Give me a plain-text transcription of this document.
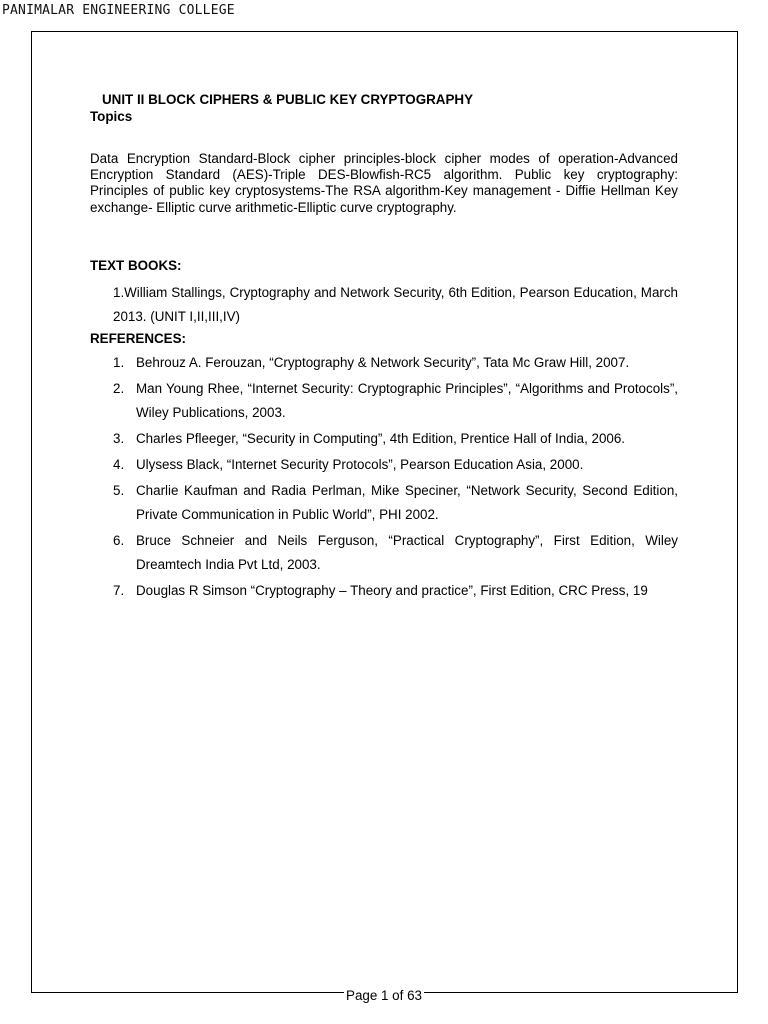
PANIMALAR ENGINEERING COLLEGE
UNIT II BLOCK CIPHERS & PUBLIC KEY CRYPTOGRAPHY
Topics
Data Encryption Standard-Block cipher principles-block cipher modes of operation-Advanced Encryption Standard (AES)-Triple DES-Blowfish-RC5 algorithm. Public key cryptography: Principles of public key cryptosystems-The RSA algorithm-Key management - Diffie Hellman Key exchange- Elliptic curve arithmetic-Elliptic curve cryptography.
TEXT BOOKS:
1.William Stallings, Cryptography and Network Security, 6th Edition, Pearson Education, March 2013. (UNIT I,II,III,IV)
REFERENCES:
1. Behrouz A. Ferouzan, “Cryptography & Network Security”, Tata Mc Graw Hill, 2007.
2. Man Young Rhee, “Internet Security: Cryptographic Principles”, “Algorithms and Protocols”, Wiley Publications, 2003.
3. Charles Pfleeger, “Security in Computing”, 4th Edition, Prentice Hall of India, 2006.
4. Ulysess Black, “Internet Security Protocols”, Pearson Education Asia, 2000.
5. Charlie Kaufman and Radia Perlman, Mike Speciner, “Network Security, Second Edition, Private Communication in Public World”, PHI 2002.
6. Bruce Schneier and Neils Ferguson, “Practical Cryptography”, First Edition, Wiley Dreamtech India Pvt Ltd, 2003.
7. Douglas R Simson “Cryptography – Theory and practice”, First Edition, CRC Press, 19
Page 1 of 63
